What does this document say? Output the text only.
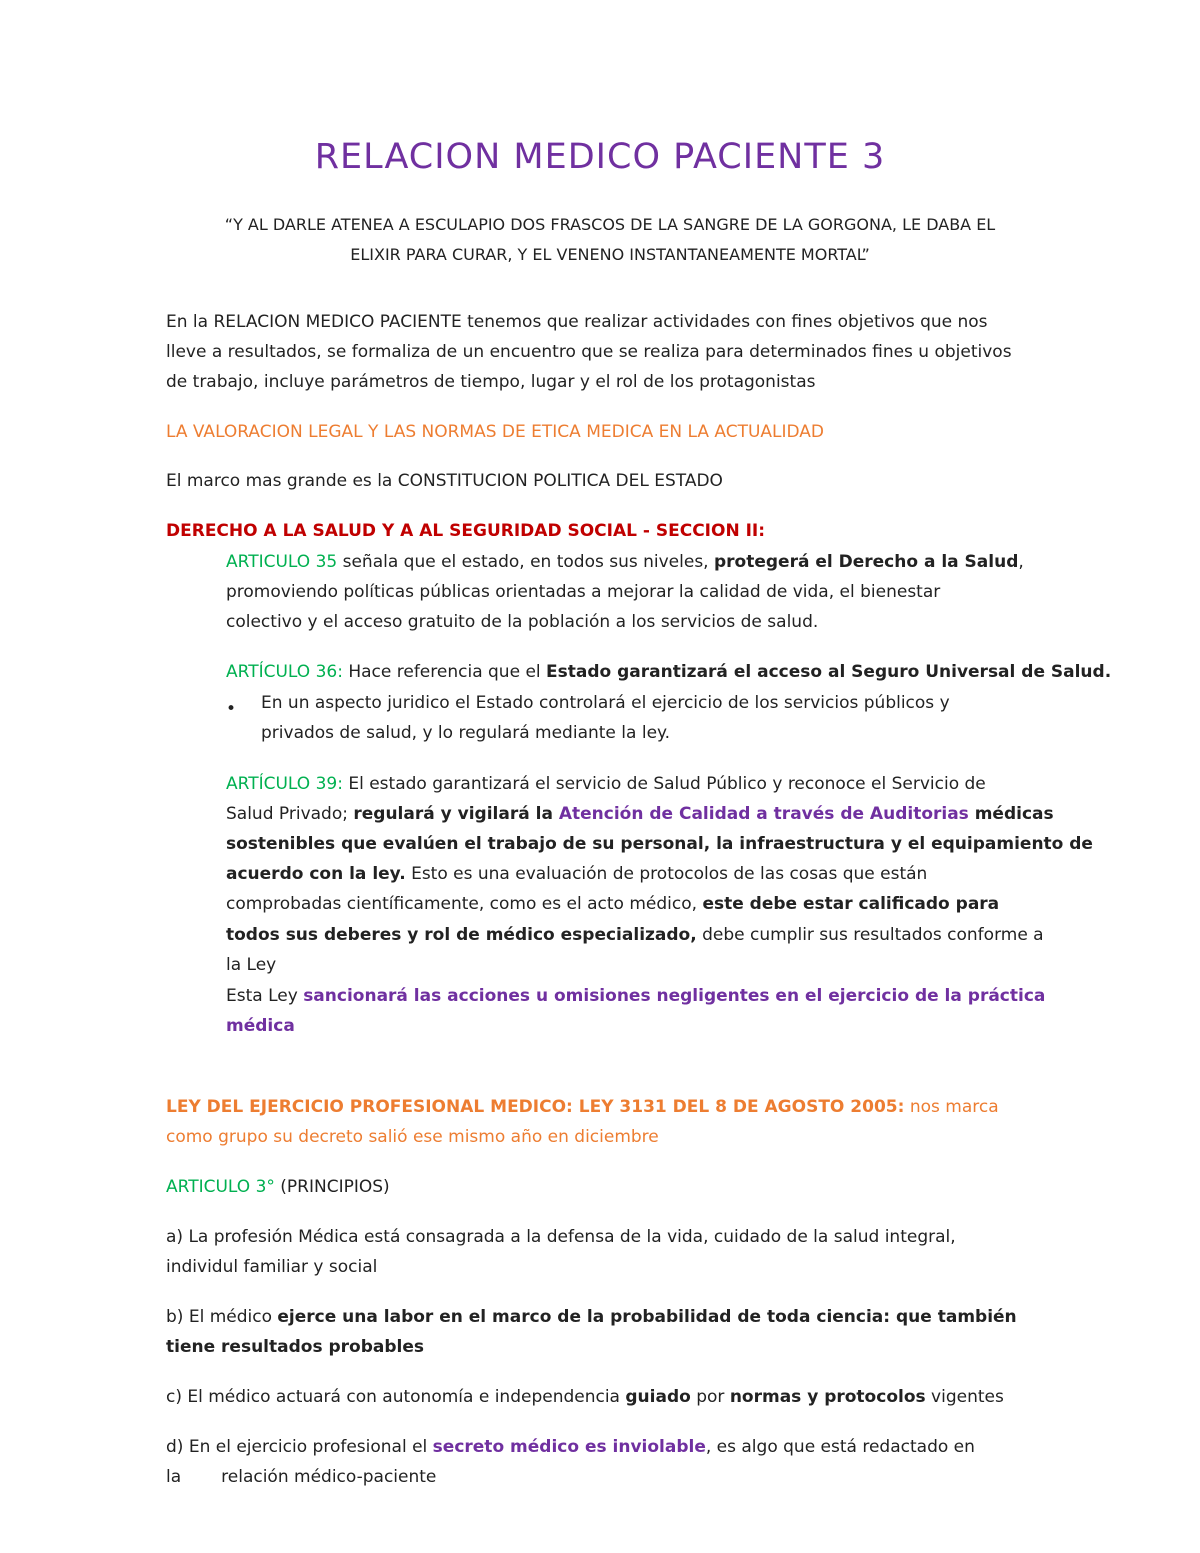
RELACION MEDICO PACIENTE 3
“Y AL DARLE ATENEA A ESCULAPIO DOS FRASCOS DE LA SANGRE DE LA GORGONA, LE DABA EL
ELIXIR PARA CURAR, Y EL VENENO INSTANTANEAMENTE MORTAL”
En la RELACION MEDICO PACIENTE tenemos que realizar actividades con fines objetivos que nos
lleve a resultados, se formaliza de un encuentro que se realiza para determinados fines u objetivos
de trabajo, incluye parámetros de tiempo, lugar y el rol de los protagonistas
LA VALORACION LEGAL Y LAS NORMAS DE ETICA MEDICA EN LA ACTUALIDAD
El marco mas grande es la CONSTITUCION POLITICA DEL ESTADO
DERECHO A LA SALUD Y A AL SEGURIDAD SOCIAL - SECCION II:
ARTICULO 35 señala que el estado, en todos sus niveles, protegerá el Derecho a la Salud,
promoviendo políticas públicas orientadas a mejorar la calidad de vida, el bienestar
colectivo y el acceso gratuito de la población a los servicios de salud.
ARTÍCULO 36: Hace referencia que el Estado garantizará el acceso al Seguro Universal de Salud.
• En un aspecto juridico el Estado controlará el ejercicio de los servicios públicos y
privados de salud, y lo regulará mediante la ley.
ARTÍCULO 39: El estado garantizará el servicio de Salud Público y reconoce el Servicio de
Salud Privado; regulará y vigilará la Atención de Calidad a través de Auditorias médicas
sostenibles que evalúen el trabajo de su personal, la infraestructura y el equipamiento de
acuerdo con la ley. Esto es una evaluación de protocolos de las cosas que están
comprobadas científicamente, como es el acto médico, este debe estar calificado para
todos sus deberes y rol de médico especializado, debe cumplir sus resultados conforme a
la Ley
Esta Ley sancionará las acciones u omisiones negligentes en el ejercicio de la práctica
médica
LEY DEL EJERCICIO PROFESIONAL MEDICO: LEY 3131 DEL 8 DE AGOSTO 2005: nos marca
como grupo su decreto salió ese mismo año en diciembre
ARTICULO 3° (PRINCIPIOS)
a) La profesión Médica está consagrada a la defensa de la vida, cuidado de la salud integral,
individul familiar y social
b) El médico ejerce una labor en el marco de la probabilidad de toda ciencia: que también
tiene resultados probables
c) El médico actuará con autonomía e independencia guiado por normas y protocolos vigentes
d) En el ejercicio profesional el secreto médico es inviolable, es algo que está redactado en
la relación médico-paciente
